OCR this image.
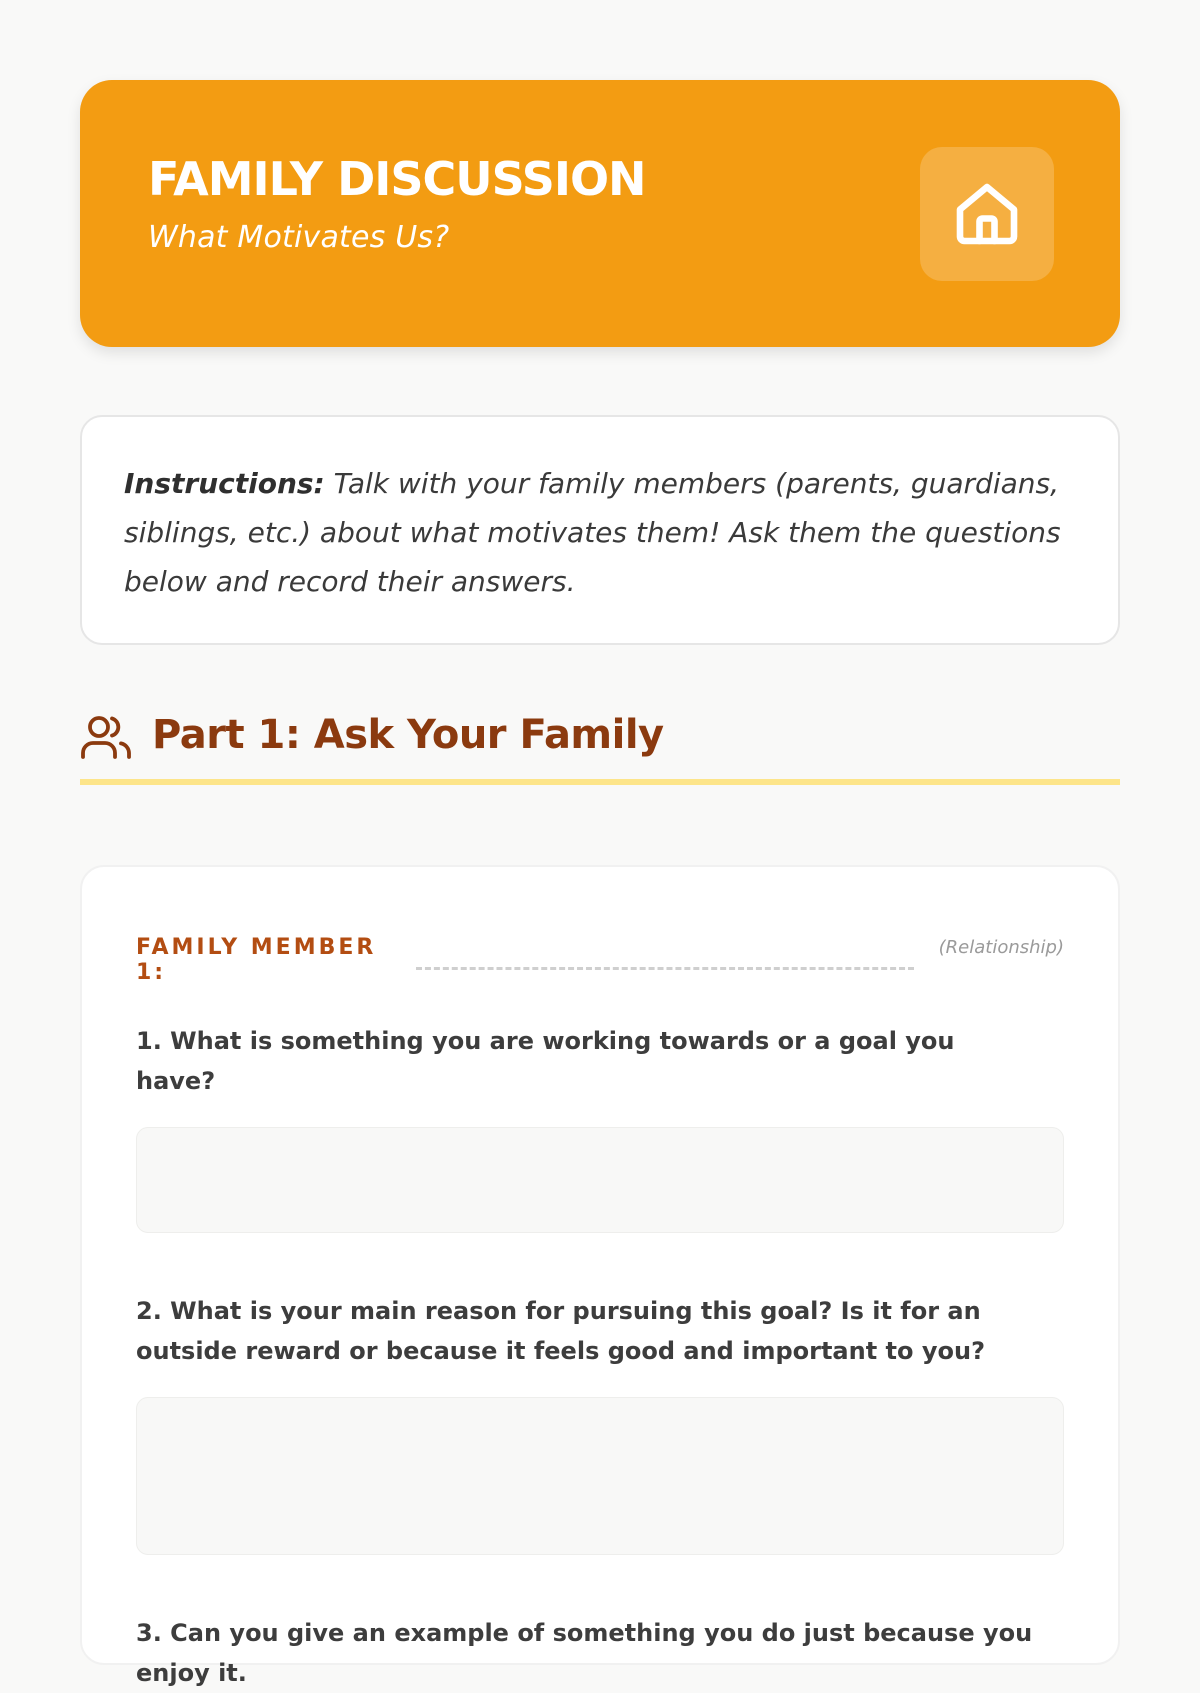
FAMILY DISCUSSION
What Motivates Us?
Instructions: Talk with your family members (parents, guardians, siblings, etc.) about what motivates them! Ask them the questions below and record their answers.
Part 1: Ask Your Family
FAMILY MEMBER 1:
(Relationship)
1. What is something you are working towards or a goal you have?
2. What is your main reason for pursuing this goal? Is it for an outside reward or because it feels good and important to you?
3. Can you give an example of something you do just because you enjoy it.
